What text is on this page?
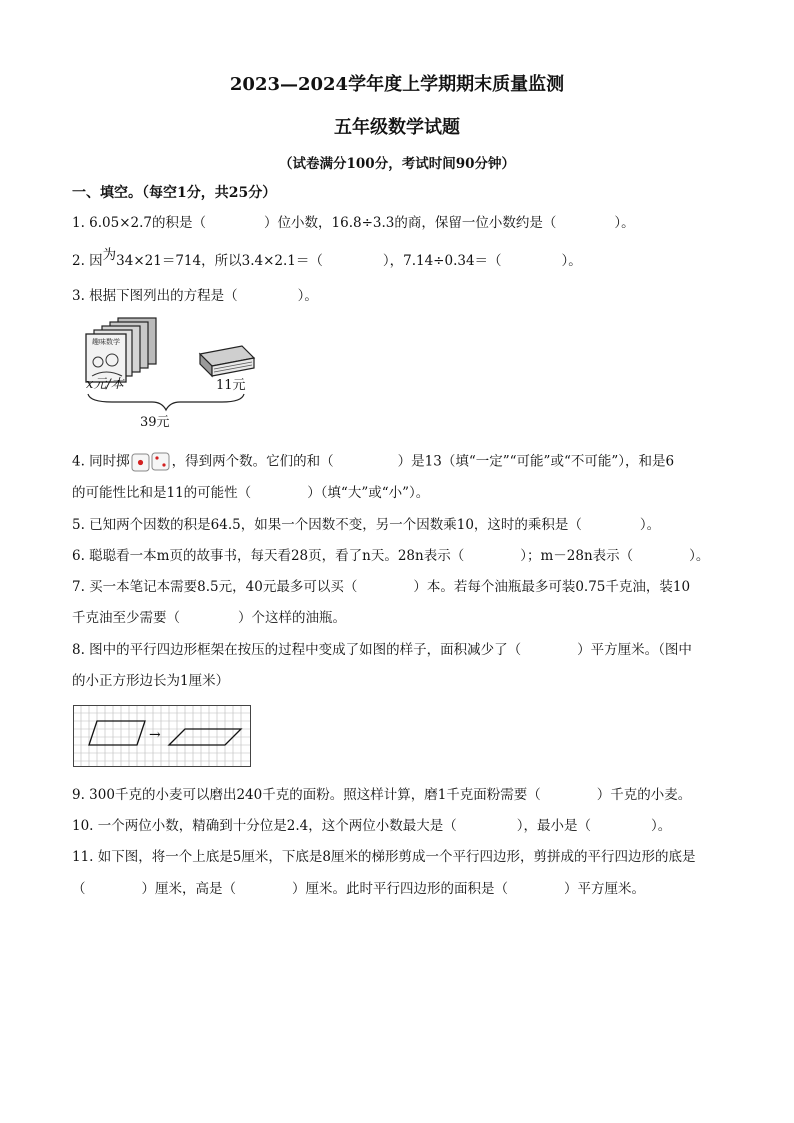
2023—2024学年度上学期期末质量监测
五年级数学试题
（试卷满分100分，考试时间90分钟）
一、填空。（每空1分，共25分）
1. 6.05×2.7的积是（	）位小数，16.8÷3.3的商，保留一位小数约是（	）。
2. 因为34×21＝714，所以3.4×2.1＝（	），7.14÷0.34＝（	）。
3. 根据下图列出的方程是（	）。
趣味数学
x元/本	11元
39元
4. 同时掷	，得到两个数。它们的和（	）是13（填“一定”“可能”或“不可能”），和是6
的可能性比和是11的可能性（	）（填“大”或“小”）。
5. 已知两个因数的积是64.5，如果一个因数不变，另一个因数乘10，这时的乘积是（	）。
6. 聪聪看一本m页的故事书，每天看28页，看了n天。28n表示（	）；m－28n表示（	）。
7. 买一本笔记本需要8.5元，40元最多可以买（	）本。若每个油瓶最多可装0.75千克油，装10
千克油至少需要（	）个这样的油瓶。
8. 图中的平行四边形框架在按压的过程中变成了如图的样子，面积减少了（	）平方厘米。（图中
的小正方形边长为1厘米）
→
9. 300千克的小麦可以磨出240千克的面粉。照这样计算，磨1千克面粉需要（	）千克的小麦。
10. 一个两位小数，精确到十分位是2.4，这个两位小数最大是（	），最小是（	）。
11. 如下图，将一个上底是5厘米，下底是8厘米的梯形剪成一个平行四边形，剪拼成的平行四边形的底是
（	）厘米，高是（	）厘米。此时平行四边形的面积是（	）平方厘米。
